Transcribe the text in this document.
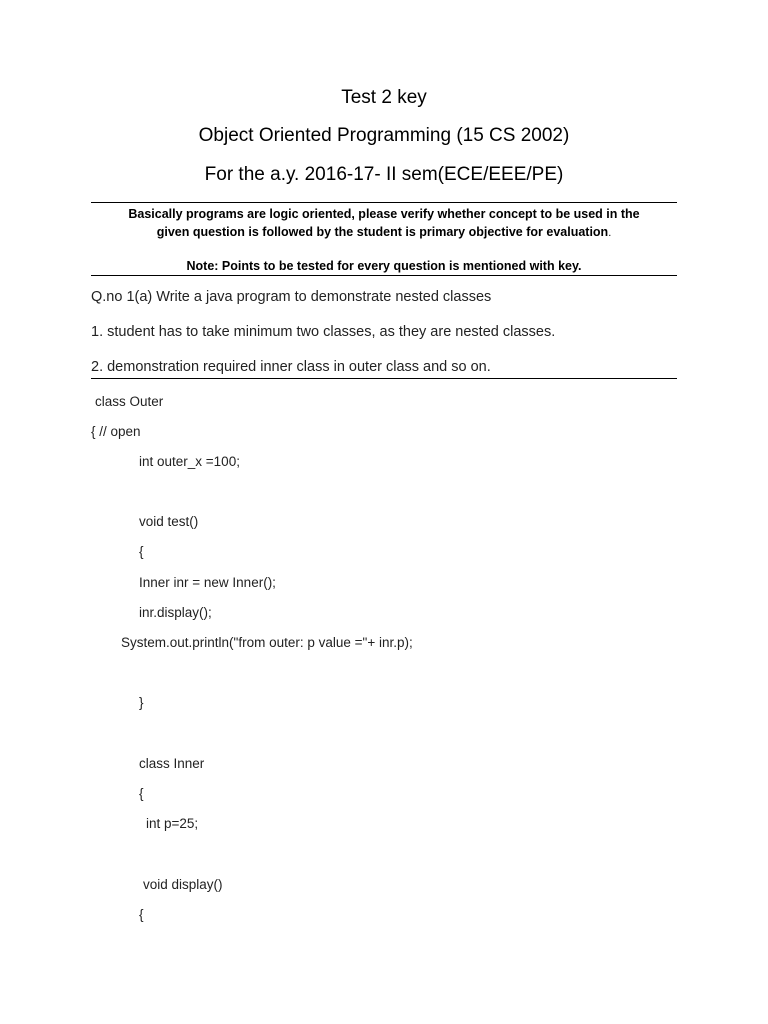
Test 2 key
Object Oriented Programming (15 CS 2002)
For the a.y. 2016-17- II sem(ECE/EEE/PE)
Basically programs are logic oriented, please verify whether concept to be used in the
given question is followed by the student is primary objective for evaluation.
Note: Points to be tested for every question is mentioned with key.
Q.no 1(a) Write a java program to demonstrate nested classes
1. student has to take minimum two classes, as they are nested classes.
2. demonstration required inner class in outer class and so on.
class Outer
{ // open
int outer_x =100;
void test()
{
Inner inr = new Inner();
inr.display();
System.out.println("from outer: p value ="+ inr.p);
}
class Inner
{
int p=25;
void display()
{
